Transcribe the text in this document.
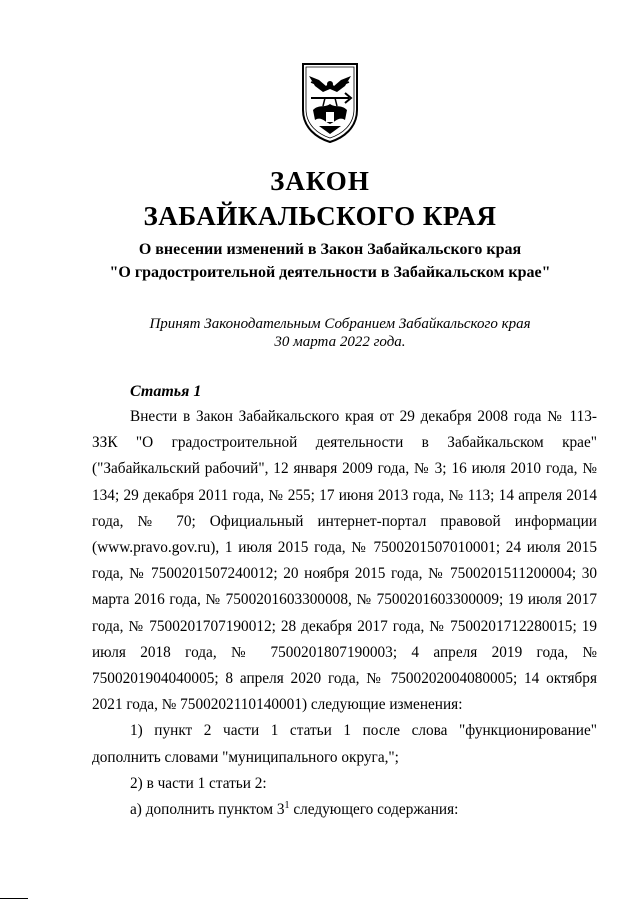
ЗАКОН
ЗАБАЙКАЛЬСКОГО КРАЯ
О внесении изменений в Закон Забайкальского края
"О градостроительной деятельности в Забайкальском крае"
Принят Законодательным Собранием Забайкальского края
30 марта 2022 года.
Статья 1

Внести в Закон Забайкальского края от 29 декабря 2008 года № 113-ЗЗК "О градостроительной деятельности в Забайкальском крае" ("Забайкальский рабочий", 12 января 2009 года, № 3; 16 июля 2010 года, № 134; 29 декабря 2011 года, № 255; 17 июня 2013 года, № 113; 14 апреля 2014 года, № 70; Официальный интернет-портал правовой информации (www.pravo.gov.ru), 1 июля 2015 года, № 7500201507010001; 24 июля 2015 года, № 7500201507240012; 20 ноября 2015 года, № 7500201511200004; 30 марта 2016 года, № 7500201603300008, № 7500201603300009; 19 июля 2017 года, № 7500201707190012; 28 декабря 2017 года, № 7500201712280015; 19 июля 2018 года, № 7500201807190003; 4 апреля 2019 года, № 7500201904040005; 8 апреля 2020 года, № 7500202004080005; 14 октября 2021 года, № 7500202110140001) следующие изменения:

1) пункт 2 части 1 статьи 1 после слова "функционирование" дополнить словами "муниципального округа,";

2) в части 1 статьи 2:

а) дополнить пунктом $3^1$ следующего содержания:
